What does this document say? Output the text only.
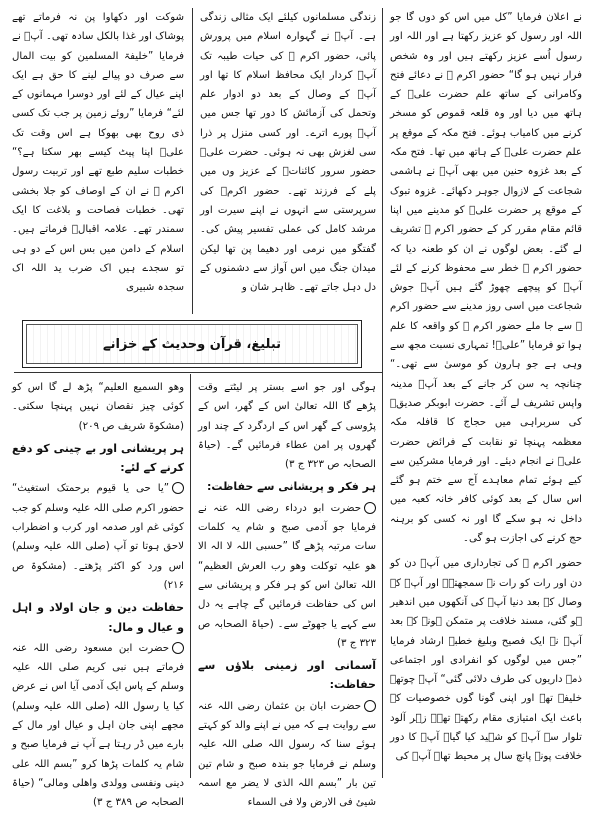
نے اعلان فرمایا ”کل میں اس کو دوں گا جو اللہ اور رسول کو عزیز رکھتا ہے اور اللہ اور رسول اُسے عزیز رکھتے ہیں اور وہ شخص فرار نہیں ہو گا“ حضور اکرم ﷺ نے دعائے فتح وکامرانی کے ساتھ علم حضرت علیؓ کے ہاتھ میں دیا اور وہ قلعہ قموص کو مسخر کرنے میں کامیاب ہوئے۔ فتح مکہ کے موقع پر علم حضرت علیؓ کے ہاتھ میں تھا۔ فتح مکہ کے بعد غزوہ حنین میں بھی آپؓ نے ہاشمی شجاعت کے لازوال جوہر دکھائے۔ غزوہ تبوک کے موقع پر حضرت علیؓ کو مدینے میں اپنا قائم مقام مقرر کر کے حضور اکرم ﷺ تشریف لے گئے۔ بعض لوگوں نے ان کو طعنہ دیا کہ حضور اکرم ﷺ خطر سے محفوظ کرنے کے لئے آپؓ کو پیچھے چھوڑ گئے ہیں آپؓ جوش شجاعت میں اسی روز مدینے سے حضور اکرم ﷺ سے جا ملے حضور اکرم ﷺ کو واقعہ کا علم ہوا تو فرمایا ”علیؓ! تمہاری نسبت مجھ سے وہی ہے جو ہارون کو موسیٰ سے تھی۔“ چنانچہ یہ سن کر جانے کے بعد آپؓ مدینہ واپس تشریف لے آئے۔ حضرت ابوبکر صدیقؓ کی سربراہی میں حجاج کا قافلہ مکہ معظمہ پہنچا تو نقابت کے فرائض حضرت علیؓ نے انجام دیئے۔ اور فرمایا مشرکین سے کیے ہوئے تمام معاہدے آج سے ختم ہو گئے اس سال کے بعد کوئی کافر خانہ کعبہ میں داخل نہ ہو سکے گا اور نہ کسی کو برہنہ حج کرنے کی اجازت ہو گی۔

حضور اکرم ﷺ کی تجارداری میں آپؓ دن کو دن اور رات کو رات نہ سمجھتے۔ اور آپؐ کے وصال کے بعد دنیا آپؓ کی آنکھوں میں اندھیر ہو گئی، مسند خلافت پر متمکن ہونے کے بعد آپؓ نے ایک فصیح وبلیغ خطبہ ارشاد فرمایا ”جس میں لوگوں کو انفرادی اور اجتماعی ذمہ داریوں کی طرف دلائی گئی“ آپؓ چوتھے خلیفہ تھے اور اپنی گونا گوں خصوصیات کے باعث ایک امتیازی مقام رکھتے تھے۔ زہر آلود تلوار سے آپؓ کو شہید کیا گیا۔ آپؓ کا دور خلافت پونے پانچ سال پر محیط تھا۔ آپؓ کی

زندگی مسلمانوں کیلئے ایک مثالی زندگی ہے۔ آپؓ نے گہوارہ اسلام میں پرورش پائی، حضور اکرم ﷺ کی حیات طیبہ تک آپؓ کردار ایک محافظ اسلام کا تھا اور آپؓ کے وصال کے بعد دو ادوار علم وتحمل کی آزمائش کا دور تھا جس میں آپؓ پورے اترے۔ اور کسی منزل پر ذرا سی لغزش بھی نہ ہوئی۔ حضرت علیؓ حضور سرور کائناتؐ کے عزیز وں میں پلے کے فرزند تھے۔ حضور اکرمؐ کی سرپرستی سے انہوں نے اپنے سیرت اور مرشد کامل کی عملی تفسیر پیش کی۔ گفتگو میں نرمی اور دھیما پن تھا لیکن میدان جنگ میں اس آواز سے دشمنوں کے دل دہل جاتے تھے۔ ظاہر شان و

شوکت اور دکھاوا پن نہ فرماتے تھے پوشاک اور غذا بالکل سادہ تھی۔ آپؓ نے فرمایا ”خلیفۃ المسلمین کو بیت المال سے صرف دو پیالے لینے کا حق ہے ایک اپنے عیال کے لئے اور دوسرا مہمانوں کے لئے“ فرمایا ”روئے زمین پر جب تک کسی ذی روح بھی بھوکا ہے اس وقت تک علیؓ اپنا پیٹ کیسے بھر سکتا ہے؟“ خطبات سلیم طبع تھے اور تربیت رسول اکرم ﷺ نے ان کے اوصاف کو جلا بخشی تھی۔ خطبات فصاحت و بلاغت کا ایک سمندر تھے۔ علامہ اقبالؒ فرماتے ہیں۔ اسلام کے دامن میں بس اس کے دو ہی تو سجدے ہیں اک ضرب ید اللہ اک سجدہ شبیری

تبلیغ، قرآن وحدیث کے خزانے

ہوگی اور جو اسے بستر پر لیٹتے وقت پڑھے گا اللہ تعالیٰ اس کے گھر، اس کے پڑوسی کے گھر اس کے اردگرد کے چند اور گھروں پر امن عطاء فرمائیں گے۔ (حیاۃ الصحابہ ص ۳۲۳ ج ۳)

ہر فکر و پریشانی سے حفاظت:

حضرت ابو درداء رضی اللہ عنہ نے فرمایا جو آدمی صبح و شام یہ کلمات سات مرتبہ پڑھے گا ”حسبی اللہ لا الہ الا ھو علیہ توکلت وھو رب العرش العظیم“ اللہ تعالیٰ اس کو ہر فکر و پریشانی سے اس کی حفاظت فرمائیں گے چاہے یہ دل سے کہے یا جھوٹے سے۔ (حیاۃ الصحابہ ص ۳۲۳ ج ۳)

آسمانی اور زمینی بلاؤں سے حفاظت:

حضرت ابان بن عثمان رضی اللہ عنہ سے روایت ہے کہ میں نے اپنے والد کو کہتے ہوئے سنا کہ رسول اللہ صلی اللہ علیہ وسلم نے فرمایا جو بندہ صبح و شام تین تین بار ”بسم اللہ الذی لا یضر مع اسمہ شیئ فی الارض ولا فی السماء

وھو السمیع العلیم“ پڑھ لے گا اس کو کوئی چیز نقصان نہیں پہنچا سکتی۔ (مشکوۃ شریف ص ۲۰۹)

ہر پریشانی اور بے چینی کو دفع کرنے کے لئے:

”یا حی یا قیوم برحمتک استغیث“ حضور اکرم صلی اللہ علیہ وسلم کو جب کوئی غم اور صدمہ اور کرب و اضطراب لاحق ہوتا تو آپ (صلی اللہ علیہ وسلم) اس ورد کو اکثر پڑھتے۔ (مشکوۃ ص ۲۱۶)

حفاظت دین و جان اولاد و اہل و عیال و مال:

حضرت ابن مسعود رضی اللہ عنہ فرماتے ہیں نبی کریم صلی اللہ علیہ وسلم کے پاس ایک آدمی آیا اس نے عرض کیا یا رسول اللہ (صلی اللہ علیہ وسلم) مجھے اپنی جان اہل و عیال اور مال کے بارے میں ڈر رہتا ہے آپ نے فرمایا صبح و شام یہ کلمات پڑھا کرو ”بسم اللہ علی دینی ونفسی وولدی واھلی ومالی“ (حیاۃ الصحابہ ص ۳۸۹ ج ۳)
